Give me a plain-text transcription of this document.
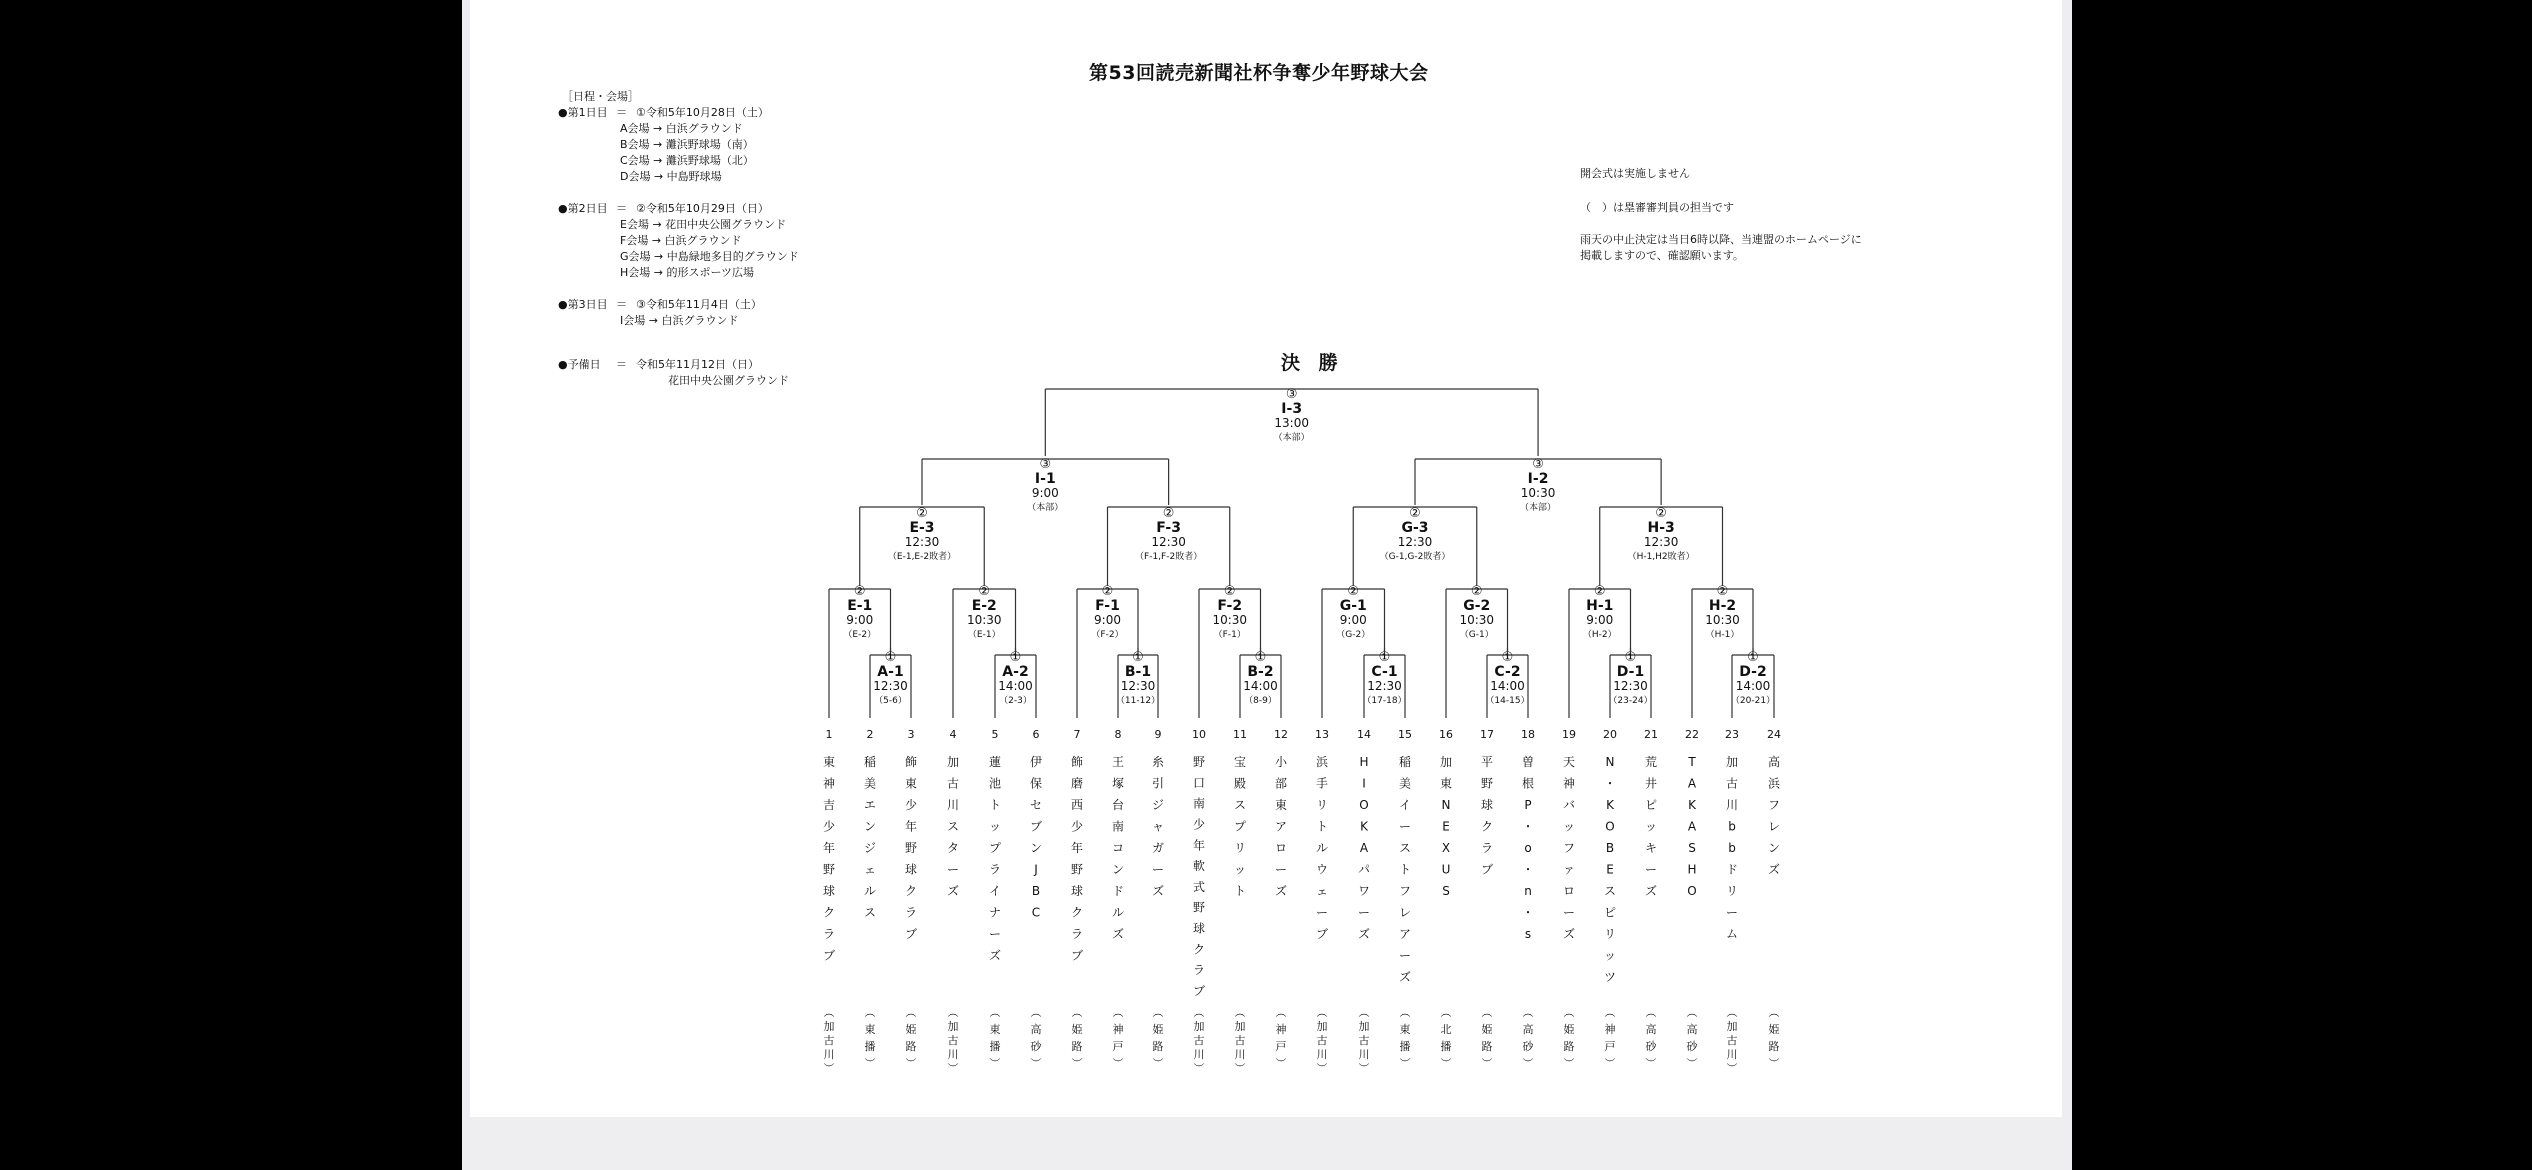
第53回読売新聞社杯争奪少年野球大会
［日程・会場］
●第1日目 ＝ ①令和5年10月28日（土）
A会場 → 白浜グラウンド
B会場 → 灘浜野球場（南）
C会場 → 灘浜野球場（北）
D会場 → 中島野球場
●第2日目 ＝ ②令和5年10月29日（日）
E会場 → 花田中央公園グラウンド
F会場 → 白浜グラウンド
G会場 → 中島緑地多目的グラウンド
H会場 → 的形スポーツ広場
●第3日目 ＝ ③令和5年11月4日（土）
I会場 → 白浜グラウンド
●予備日 ＝ 令和5年11月12日（日）
花田中央公園グラウンド
開会式は実施しません
（　）は塁審審判員の担当です
雨天の中止決定は当日6時以降、当連盟のホームページに
掲載しますので、確認願います。
決 勝
①
A-1
12:30
（5-6）
①
A-2
14:00
（2-3）
①
B-1
12:30
（11-12）
①
B-2
14:00
（8-9）
①
C-1
12:30
（17-18）
①
C-2
14:00
（14-15）
①
D-1
12:30
（23-24）
①
D-2
14:00
（20-21）
②
E-1
9:00
（E-2）
②
E-2
10:30
（E-1）
②
F-1
9:00
（F-2）
②
F-2
10:30
（F-1）
②
G-1
9:00
（G-2）
②
G-2
10:30
（G-1）
②
H-1
9:00
（H-2）
②
H-2
10:30
（H-1）
②
E-3
12:30
（E-1,E-2敗者）
②
F-3
12:30
（F-1,F-2敗者）
②
G-3
12:30
（G-1,G-2敗者）
②
H-3
12:30
（H-1,H2敗者）
③
I-1
9:00
（本部）
③
I-2
10:30
（本部）
③
I-3
13:00
（本部）
1
東神吉少年野球クラブ
︵加古川︶
2
稲美エンジェルス
︵東播︶
3
飾東少年野球クラブ
︵姫路︶
4
加古川スターズ
︵加古川︶
5
蓮池トップライナーズ
︵東播︶
6
伊保セブン J B C
︵高砂︶
7
飾磨西少年野球クラブ
︵姫路︶
8
王塚台南コンドルズ
︵神戸︶
9
糸引ジャガーズ
︵姫路︶
10
野口南少年軟式野球クラブ
︵加古川︶
11
宝殿スプリット
︵加古川︶
12
小部東アローズ
︵神戸︶
13
浜手リトルウェーブ
︵加古川︶
14
H I O K A パワーズ
︵加古川︶
15
稲美イーストフレアーズ
︵東播︶
16
加東 N E X U S
︵北播︶
17
平野球クラブ
︵姫路︶
18
曽根 P ・ o ・ n ・ s
︵高砂︶
19
天神バッファローズ
︵姫路︶
20
N ・ K O B E スピリッツ
︵神戸︶
21
荒井ピッキーズ
︵高砂︶
22
T A K A S H O
︵高砂︶
23
加古川 b b ドリーム
︵加古川︶
24
高浜フレンズ
︵姫路︶
